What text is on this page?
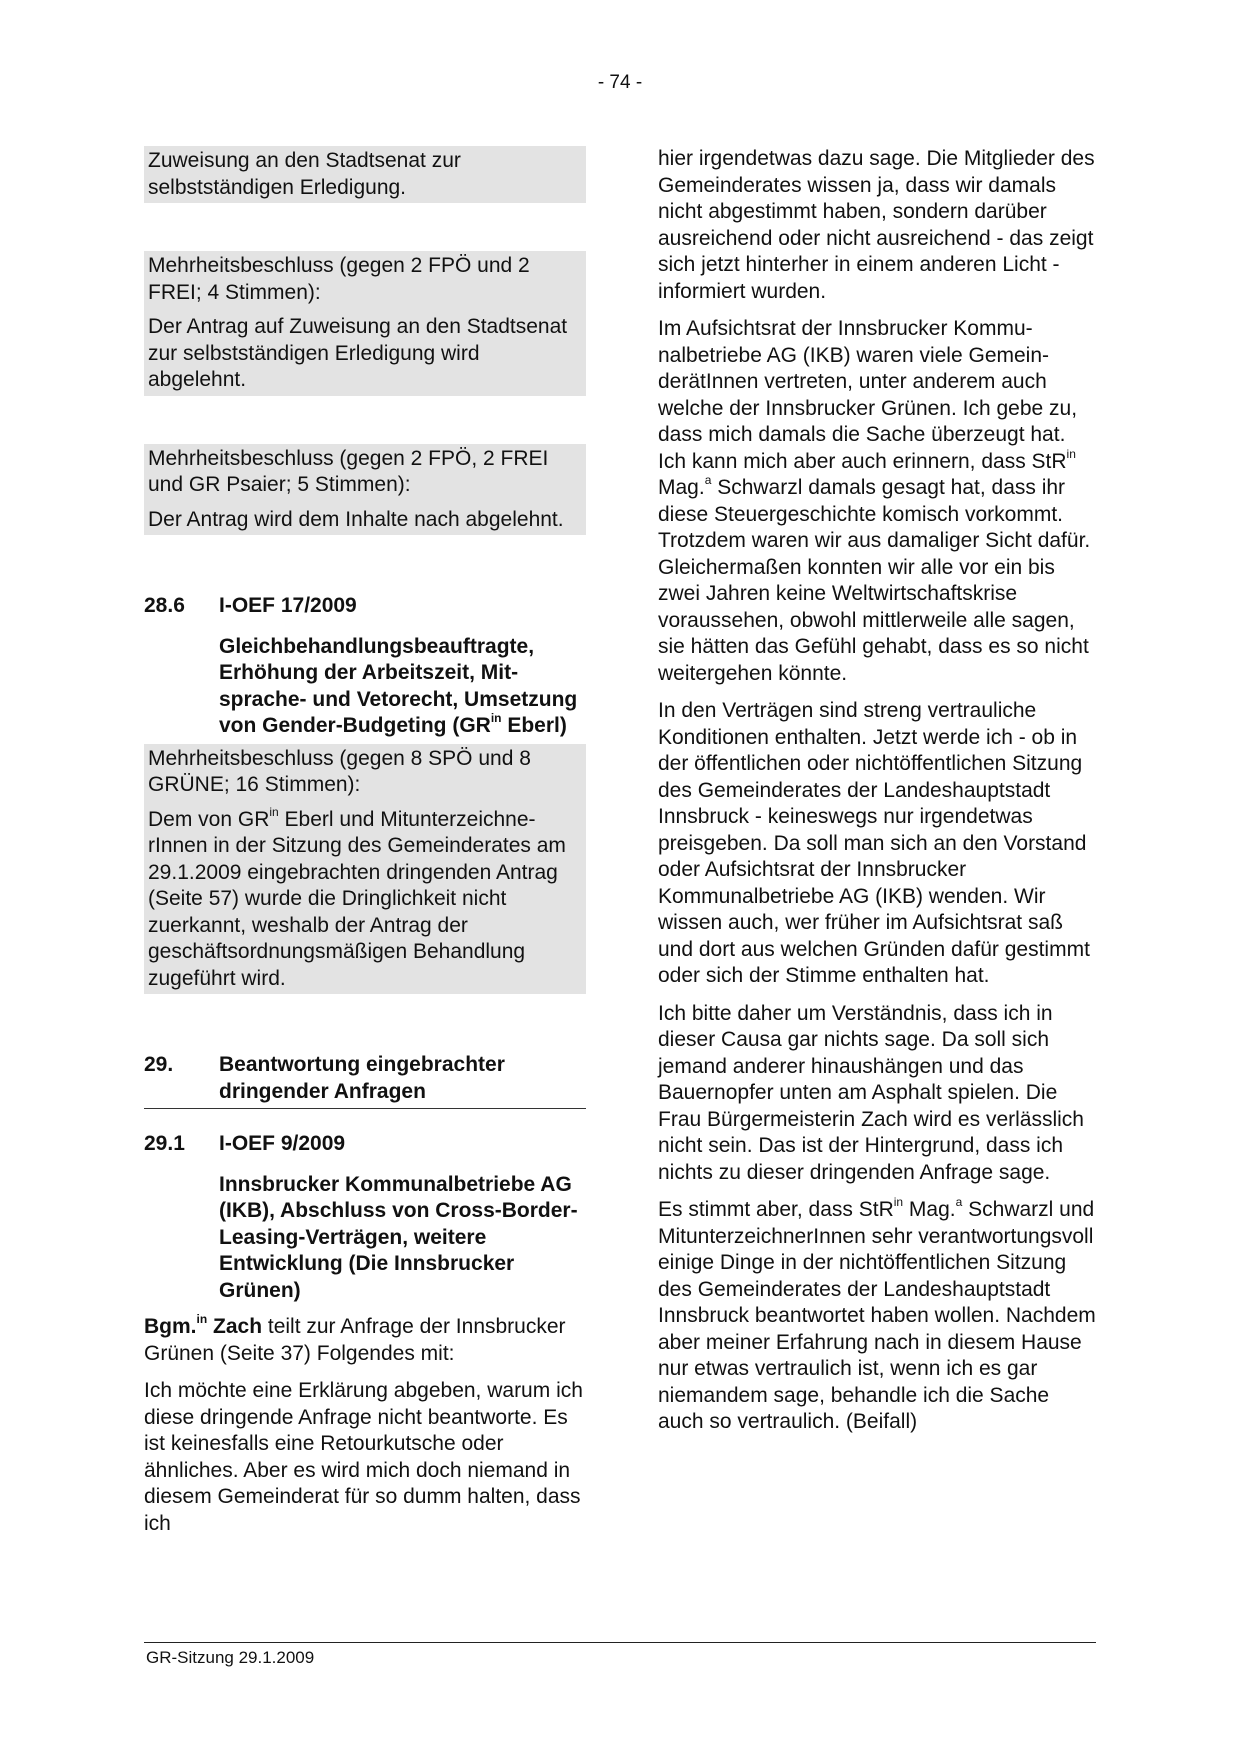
- 74 -

Zuweisung an den Stadtsenat zur selbstständigen Erledigung.

Mehrheitsbeschluss (gegen 2 FPÖ und 2 FREI; 4 Stimmen):

Der Antrag auf Zuweisung an den Stadtsenat zur selbstständigen Erledigung wird abgelehnt.

Mehrheitsbeschluss (gegen 2 FPÖ, 2 FREI und GR Psaier; 5 Stimmen):

Der Antrag wird dem Inhalte nach abgelehnt.

28.6	I-OEF 17/2009

Gleichbehandlungsbeauftragte, Erhöhung der Arbeitszeit, Mitsprache- und Vetorecht, Umsetzung von Gender-Budgeting ($GR^{in}$ Eberl)

Mehrheitsbeschluss (gegen 8 SPÖ und 8 GRÜNE; 16 Stimmen):

Dem von $GR^{in}$ Eberl und MitunterzeichnerInnen in der Sitzung des Gemeinderates am 29.1.2009 eingebrachten dringenden Antrag (Seite 57) wurde die Dringlichkeit nicht zuerkannt, weshalb der Antrag der geschäftsordnungsmäßigen Behandlung zugeführt wird.

29.	Beantwortung eingebrachter dringender Anfragen
29.1	I-OEF 9/2009

Innsbrucker Kommunalbetriebe AG (IKB), Abschluss von Cross-Border-Leasing-Verträgen, weitere Entwicklung (Die Innsbrucker Grünen)

Bgm.$^{in}$ Zach teilt zur Anfrage der Innsbrucker Grünen (Seite 37) Folgendes mit:

Ich möchte eine Erklärung abgeben, warum ich diese dringende Anfrage nicht beantworte. Es ist keinesfalls eine Retourkutsche oder ähnliches. Aber es wird mich doch niemand in diesem Gemeinderat für so dumm halten, dass ich

hier irgendetwas dazu sage. Die Mitglieder des Gemeinderates wissen ja, dass wir damals nicht abgestimmt haben, sondern darüber ausreichend oder nicht ausreichend - das zeigt sich jetzt hinterher in einem anderen Licht - informiert wurden.

Im Aufsichtsrat der Innsbrucker Kommunalbetriebe AG (IKB) waren viele GemeinderätInnen vertreten, unter anderem auch welche der Innsbrucker Grünen. Ich gebe zu, dass mich damals die Sache überzeugt hat. Ich kann mich aber auch erinnern, dass StR$^{in}$ Mag.$^a$ Schwarzl damals gesagt hat, dass ihr diese Steuergeschichte komisch vorkommt. Trotzdem waren wir aus damaliger Sicht dafür. Gleichermaßen konnten wir alle vor ein bis zwei Jahren keine Weltwirtschaftskrise voraussehen, obwohl mittlerweile alle sagen, sie hätten das Gefühl gehabt, dass es so nicht weitergehen könnte.

In den Verträgen sind streng vertrauliche Konditionen enthalten. Jetzt werde ich - ob in der öffentlichen oder nichtöffentlichen Sitzung des Gemeinderates der Landeshauptstadt Innsbruck - keineswegs nur irgendetwas preisgeben. Da soll man sich an den Vorstand oder Aufsichtsrat der Innsbrucker Kommunalbetriebe AG (IKB) wenden. Wir wissen auch, wer früher im Aufsichtsrat saß und dort aus welchen Gründen dafür gestimmt oder sich der Stimme enthalten hat.

Ich bitte daher um Verständnis, dass ich in dieser Causa gar nichts sage. Da soll sich jemand anderer hinaushängen und das Bauernopfer unten am Asphalt spielen. Die Frau Bürgermeisterin Zach wird es verlässlich nicht sein. Das ist der Hintergrund, dass ich nichts zu dieser dringenden Anfrage sage.

Es stimmt aber, dass StR$^{in}$ Mag.$^a$ Schwarzl und MitunterzeichnerInnen sehr verantwortungsvoll einige Dinge in der nichtöffentlichen Sitzung des Gemeinderates der Landeshauptstadt Innsbruck beantwortet haben wollen. Nachdem aber meiner Erfahrung nach in diesem Hause nur etwas vertraulich ist, wenn ich es gar niemandem sage, behandle ich die Sache auch so vertraulich. (Beifall)

GR-Sitzung 29.1.2009
